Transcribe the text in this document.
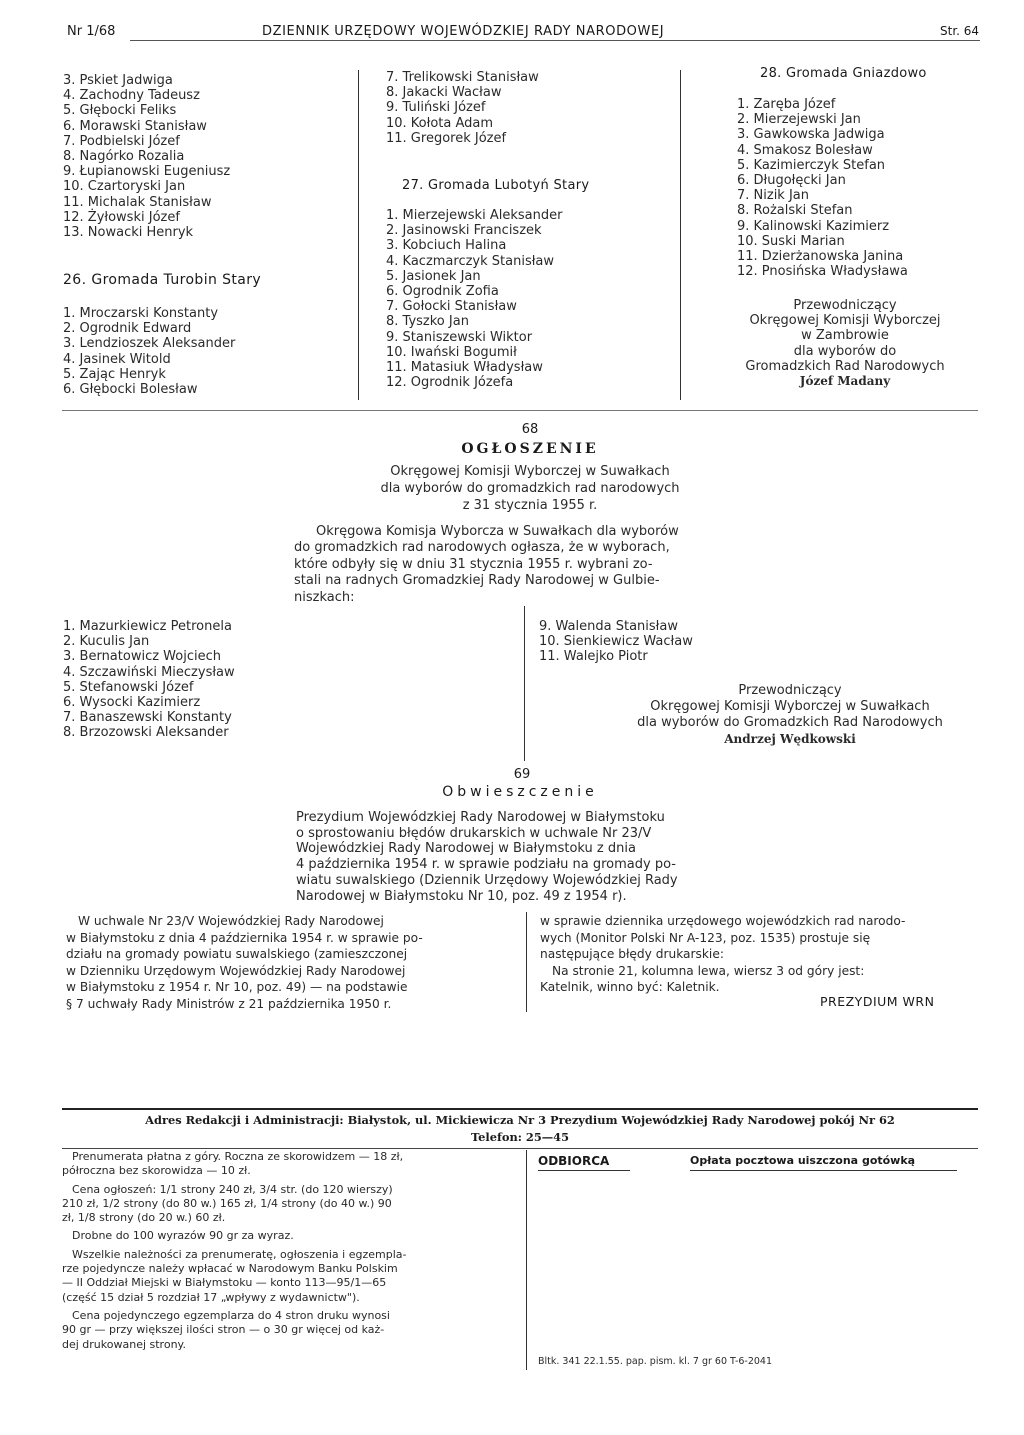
Nr 1/68	DZIENNIK URZĘDOWY WOJEWÓDZKIEJ RADY NARODOWEJ	Str. 64
3. Pskiet Jadwiga
4. Zachodny Tadeusz
5. Głębocki Feliks
6. Morawski Stanisław
7. Podbielski Józef
8. Nagórko Rozalia
9. Łupianowski Eugeniusz
10. Czartoryski Jan
11. Michalak Stanisław
12. Żyłowski Józef
13. Nowacki Henryk
26. Gromada Turobin Stary
1. Mroczarski Konstanty
2. Ogrodnik Edward
3. Lendzioszek Aleksander
4. Jasinek Witold
5. Zając Henryk
6. Głębocki Bolesław
7. Trelikowski Stanisław
8. Jakacki Wacław
9. Tuliński Józef
10. Kołota Adam
11. Gregorek Józef
27. Gromada Lubotyń Stary
1. Mierzejewski Aleksander
2. Jasinowski Franciszek
3. Kobciuch Halina
4. Kaczmarczyk Stanisław
5. Jasionek Jan
6. Ogrodnik Zofia
7. Gołocki Stanisław
8. Tyszko Jan
9. Staniszewski Wiktor
10. Iwański Bogumił
11. Matasiuk Władysław
12. Ogrodnik Józefa
28. Gromada Gniazdowo
1. Zaręba Józef
2. Mierzejewski Jan
3. Gawkowska Jadwiga
4. Smakosz Bolesław
5. Kazimierczyk Stefan
6. Długołęcki Jan
7. Nizik Jan
8. Rożalski Stefan
9. Kalinowski Kazimierz
10. Suski Marian
11. Dzierżanowska Janina
12. Pnosińska Władysława
Przewodniczący
Okręgowej Komisji Wyborczej
w Zambrowie
dla wyborów do
Gromadzkich Rad Narodowych
Józef Madany
68
OGŁOSZENIE
Okręgowej Komisji Wyborczej w Suwałkach
dla wyborów do gromadzkich rad narodowych
z 31 stycznia 1955 r.
Okręgowa Komisja Wyborcza w Suwałkach dla wyborów
do gromadzkich rad narodowych ogłasza, że w wyborach,
które odbyły się w dniu 31 stycznia 1955 r. wybrani zo-
stali na radnych Gromadzkiej Rady Narodowej w Gulbie-
niszkach:
1. Mazurkiewicz Petronela
2. Kuculis Jan
3. Bernatowicz Wojciech
4. Szczawiński Mieczysław
5. Stefanowski Józef
6. Wysocki Kazimierz
7. Banaszewski Konstanty
8. Brzozowski Aleksander
9. Walenda Stanisław
10. Sienkiewicz Wacław
11. Walejko Piotr
Przewodniczący
Okręgowej Komisji Wyborczej w Suwałkach
dla wyborów do Gromadzkich Rad Narodowych
Andrzej Wędkowski
69
Obwieszczenie
Prezydium Wojewódzkiej Rady Narodowej w Białymstoku
o sprostowaniu błędów drukarskich w uchwale Nr 23/V
Wojewódzkiej Rady Narodowej w Białymstoku z dnia
4 października 1954 r. w sprawie podziału na gromady po-
wiatu suwalskiego (Dziennik Urzędowy Wojewódzkiej Rady
Narodowej w Białymstoku Nr 10, poz. 49 z 1954 r).
W uchwale Nr 23/V Wojewódzkiej Rady Narodowej
w Białymstoku z dnia 4 października 1954 r. w sprawie po-
działu na gromady powiatu suwalskiego (zamieszczonej
w Dzienniku Urzędowym Wojewódzkiej Rady Narodowej
w Białymstoku z 1954 r. Nr 10, poz. 49) — na podstawie
§ 7 uchwały Rady Ministrów z 21 października 1950 r.
w sprawie dziennika urzędowego wojewódzkich rad narodo-
wych (Monitor Polski Nr A-123, poz. 1535) prostuje się
następujące błędy drukarskie:
Na stronie 21, kolumna lewa, wiersz 3 od góry jest:
Katelnik, winno być: Kaletnik.
PREZYDIUM WRN
Adres Redakcji i Administracji: Białystok, ul. Mickiewicza Nr 3 Prezydium Wojewódzkiej Rady Narodowej pokój Nr 62
Telefon: 25—45
Prenumerata płatna z góry. Roczna ze skorowidzem — 18 zł,
półroczna bez skorowidza — 10 zł.
Cena ogłoszeń: 1/1 strony 240 zł, 3/4 str. (do 120 wierszy)
210 zł, 1/2 strony (do 80 w.) 165 zł, 1/4 strony (do 40 w.) 90
zł, 1/8 strony (do 20 w.) 60 zł.
Drobne do 100 wyrazów 90 gr za wyraz.
Wszelkie należności za prenumeratę, ogłoszenia i egzempla-
rze pojedyncze należy wpłacać w Narodowym Banku Polskim
— II Oddział Miejski w Białymstoku — konto 113—95/1—65
(część 15 dział 5 rozdział 17 „wpływy z wydawnictw").
Cena pojedynczego egzemplarza do 4 stron druku wynosi
90 gr — przy większej ilości stron — o 30 gr więcej od każ-
dej drukowanej strony.
ODBIORCA	Opłata pocztowa uiszczona gotówką
Bltk. 341 22.1.55. pap. pism. kl. 7 gr 60 T-6-2041
